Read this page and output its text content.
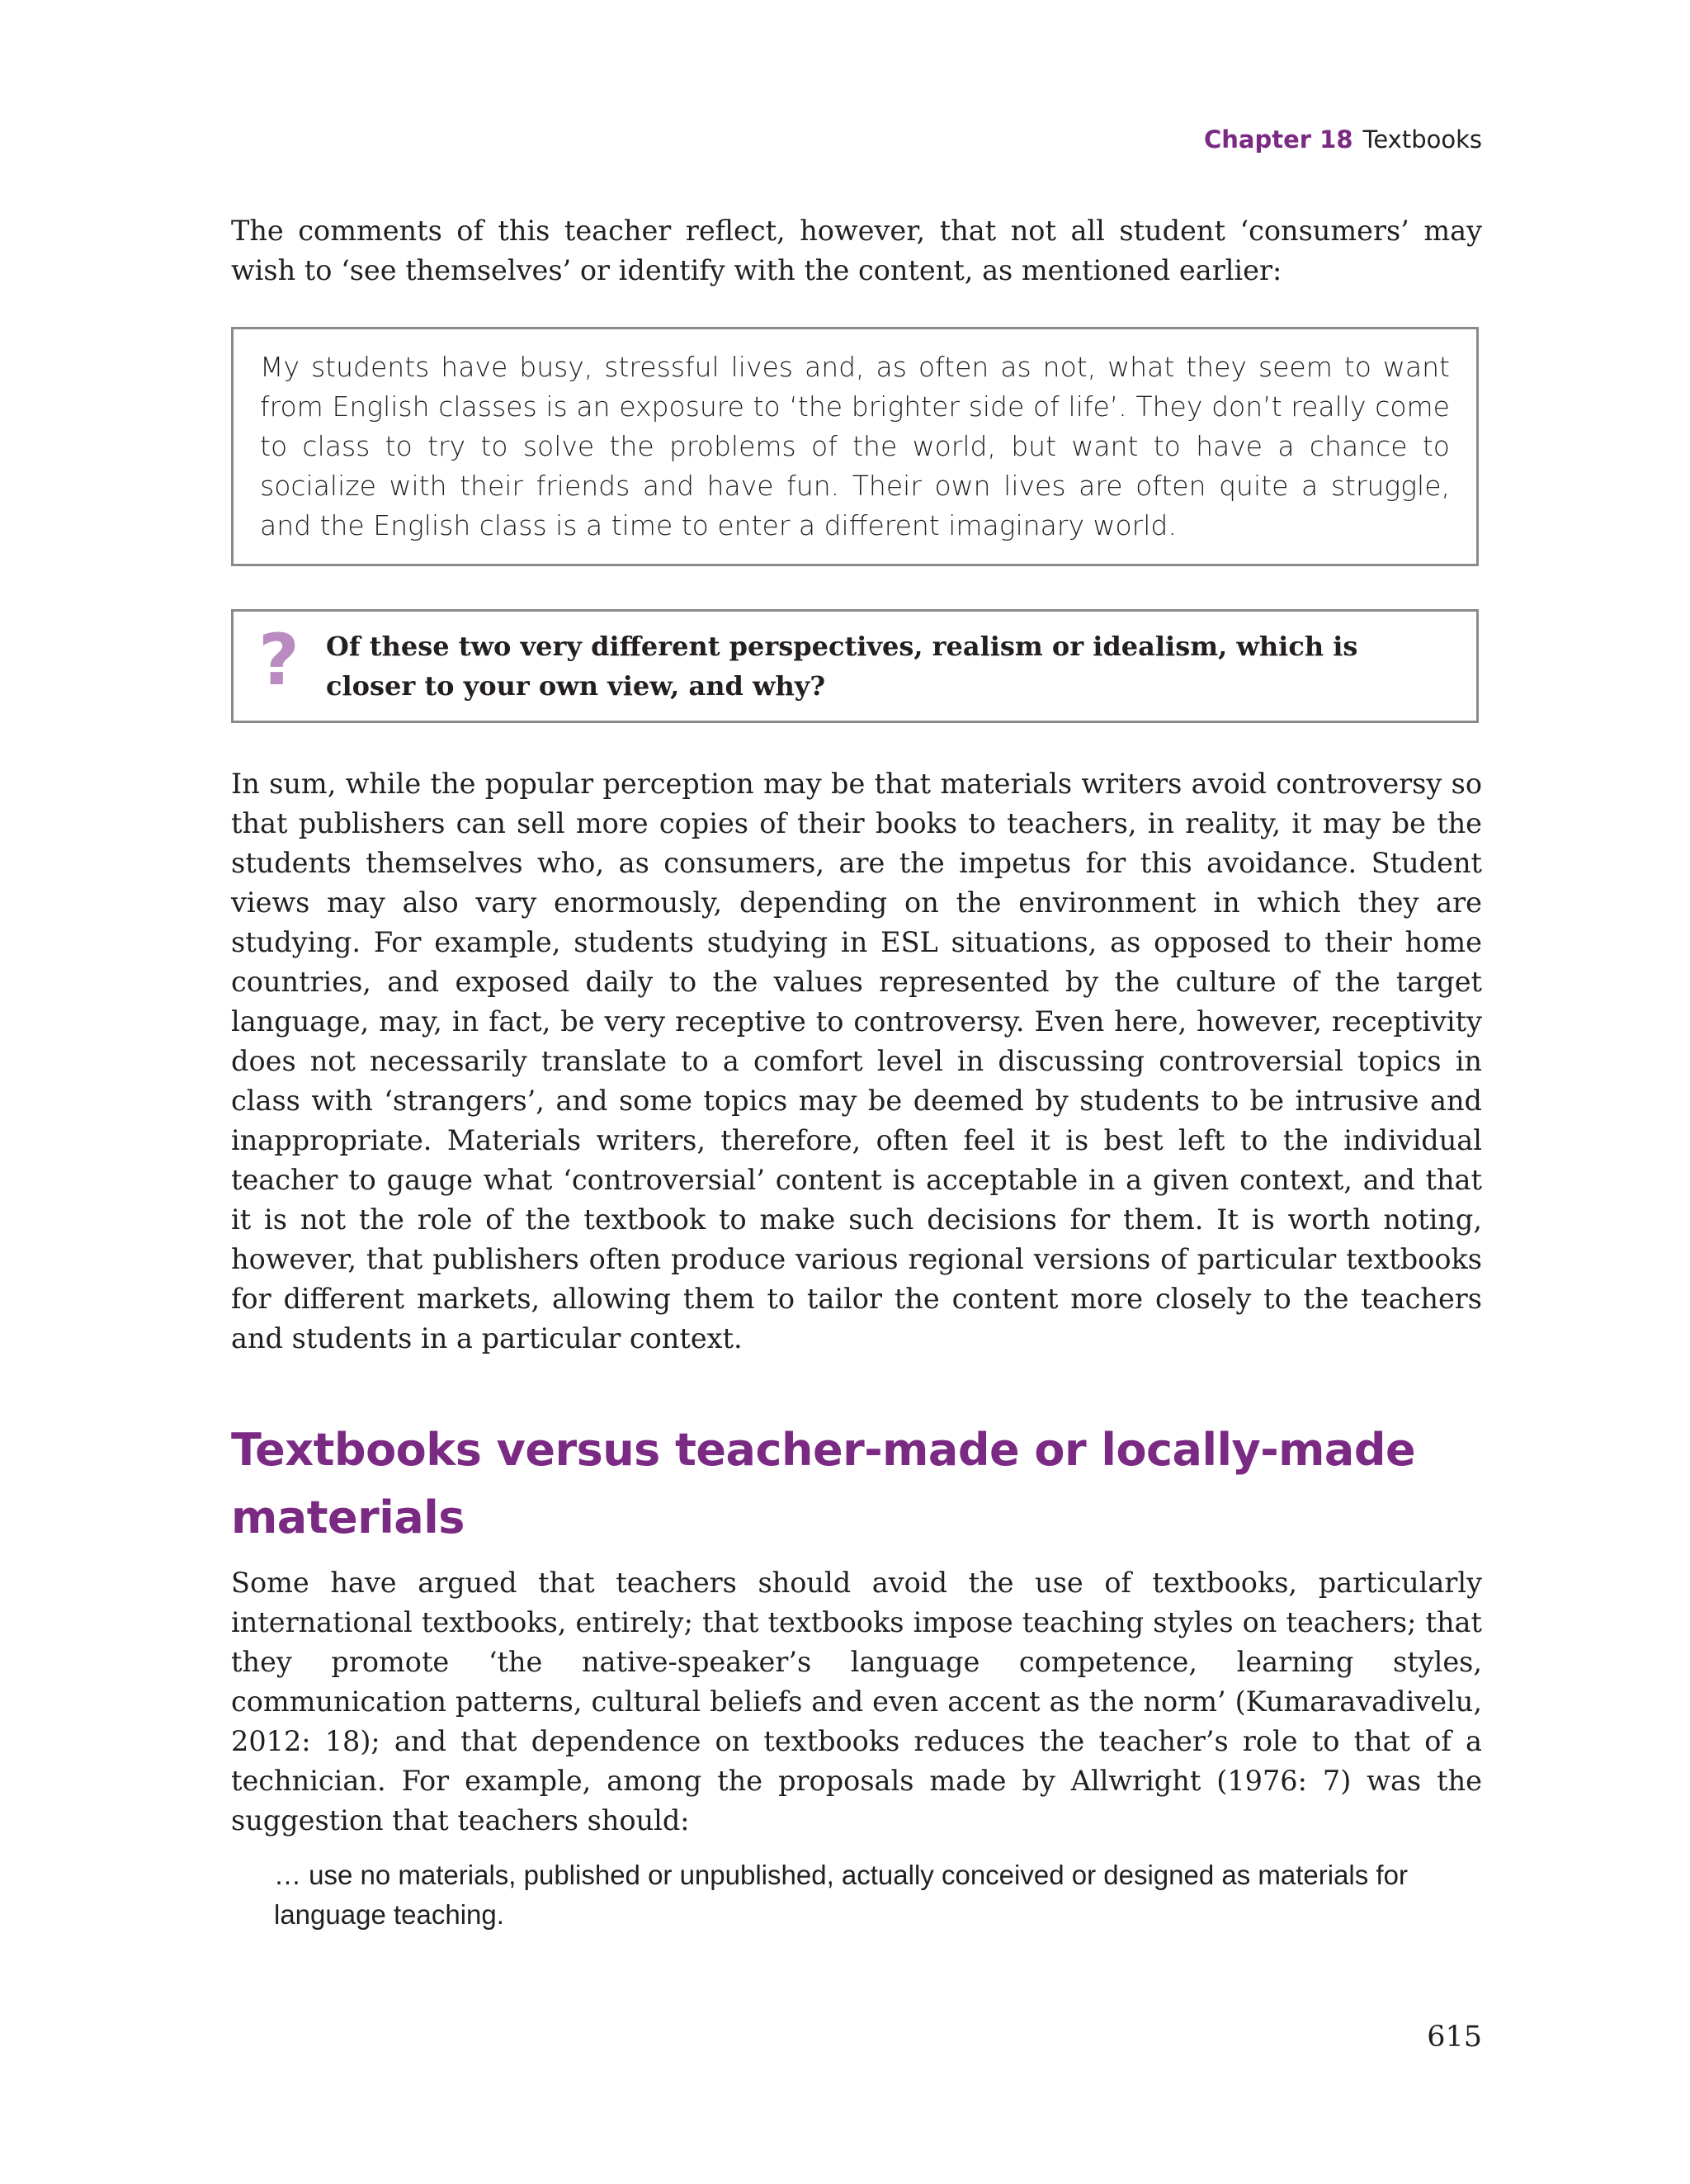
Chapter 18 Textbooks

The comments of this teacher reflect, however, that not all student ‘consumers’ may wish to ‘see themselves’ or identify with the content, as mentioned earlier:

My students have busy, stressful lives and, as often as not, what they seem to want from English classes is an exposure to ‘the brighter side of life’. They don’t really come to class to try to solve the problems of the world, but want to have a chance to socialize with their friends and have fun. Their own lives are often quite a struggle, and the English class is a time to enter a different imaginary world.

? Of these two very different perspectives, realism or idealism, which is closer to your own view, and why?

In sum, while the popular perception may be that materials writers avoid controversy so that publishers can sell more copies of their books to teachers, in reality, it may be the students themselves who, as consumers, are the impetus for this avoidance. Student views may also vary enormously, depending on the environment in which they are studying. For example, students studying in ESL situations, as opposed to their home countries, and exposed daily to the values represented by the culture of the target language, may, in fact, be very receptive to controversy. Even here, however, receptivity does not necessarily translate to a comfort level in discussing controversial topics in class with ‘strangers’, and some topics may be deemed by students to be intrusive and inappropriate. Materials writers, therefore, often feel it is best left to the individual teacher to gauge what ‘controversial’ content is acceptable in a given context, and that it is not the role of the textbook to make such decisions for them. It is worth noting, however, that publishers often produce various regional versions of particular textbooks for different markets, allowing them to tailor the content more closely to the teachers and students in a particular context.

Textbooks versus teacher-made or locally-made materials

Some have argued that teachers should avoid the use of textbooks, particularly international textbooks, entirely; that textbooks impose teaching styles on teachers; that they promote ‘the native-speaker’s language competence, learning styles, communication patterns, cultural beliefs and even accent as the norm’ (Kumaravadivelu, 2012: 18); and that dependence on textbooks reduces the teacher’s role to that of a technician. For example, among the proposals made by Allwright (1976: 7) was the suggestion that teachers should:

… use no materials, published or unpublished, actually conceived or designed as materials for language teaching.

615
